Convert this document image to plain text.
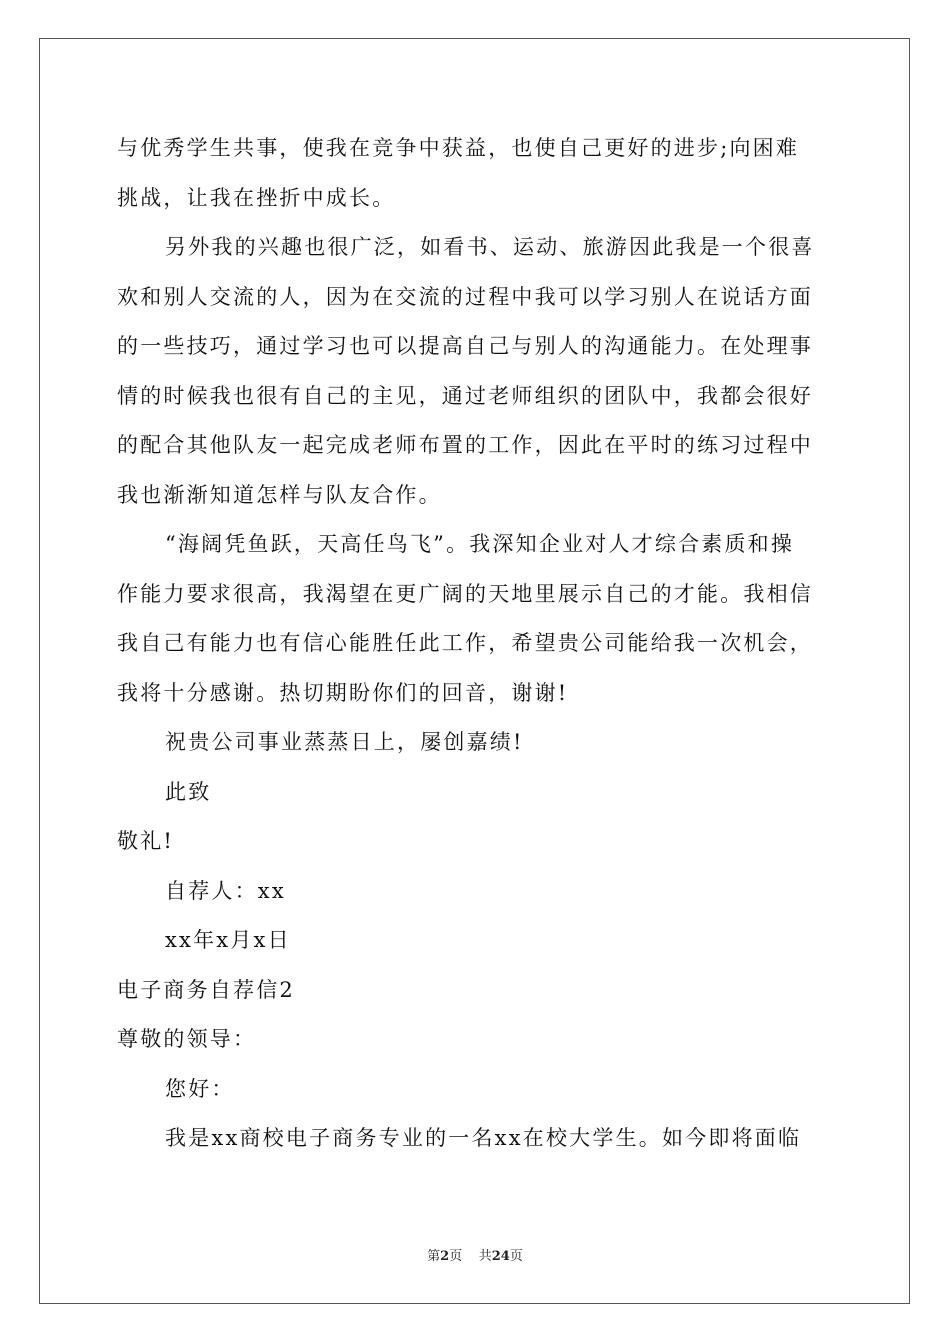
与优秀学生共事，使我在竞争中获益，也使自己更好的进步;向困难
挑战，让我在挫折中成长。
另外我的兴趣也很广泛，如看书、运动、旅游因此我是一个很喜
欢和别人交流的人，因为在交流的过程中我可以学习别人在说话方面
的一些技巧，通过学习也可以提高自己与别人的沟通能力。在处理事
情的时候我也很有自己的主见，通过老师组织的团队中，我都会很好
的配合其他队友一起完成老师布置的工作，因此在平时的练习过程中
我也渐渐知道怎样与队友合作。
“海阔凭鱼跃，天高任鸟飞”。我深知企业对人才综合素质和操
作能力要求很高，我渴望在更广阔的天地里展示自己的才能。我相信
我自己有能力也有信心能胜任此工作，希望贵公司能给我一次机会，
我将十分感谢。热切期盼你们的回音，谢谢!
祝贵公司事业蒸蒸日上，屡创嘉绩!
此致
敬礼!
自荐人：xx
xx年x月x日
电子商务自荐信2
尊敬的领导：
您好：
我是xx商校电子商务专业的一名xx在校大学生。如今即将面临
第2页 共24页
